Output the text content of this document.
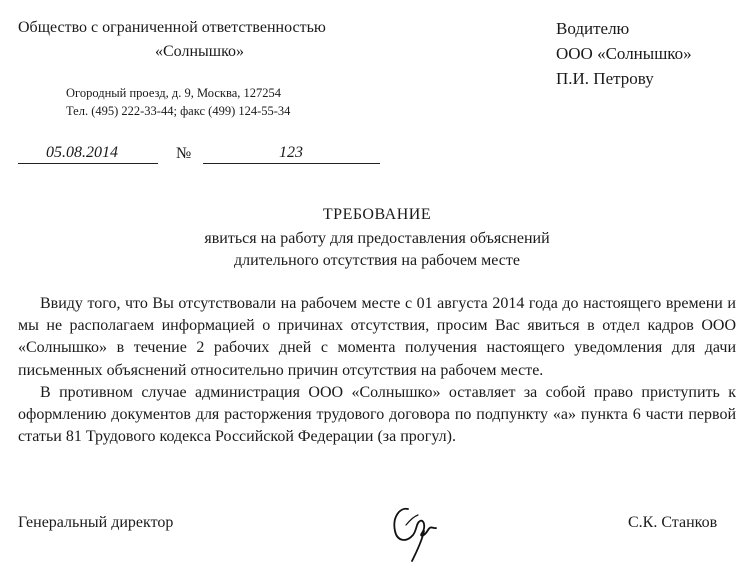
Общество с ограниченной ответственностью
«Солнышко»
Огородный проезд, д. 9, Москва, 127254
Тел. (495) 222-33-44; факс (499) 124-55-34
Водителю
ООО «Солнышко»
П.И. Петрову
05.08.2014	№	123
ТРЕБОВАНИЕ
явиться на работу для предоставления объяснений
длительного отсутствия на рабочем месте

Ввиду того, что Вы отсутствовали на рабочем месте с 01 августа 2014 года до настоящего времени и мы не располагаем информацией о причинах отсутствия, просим Вас явиться в отдел кадров ООО «Солнышко» в течение 2 рабочих дней с момента получения настоящего уведомления для дачи письменных объяснений относительно причин отсутствия на рабочем месте.

В противном случае администрация ООО «Солнышко» оставляет за собой право приступить к оформлению документов для расторжения трудового договора по подпункту «а» пункта 6 части первой статьи 81 Трудового кодекса Российской Федерации (за прогул).

Генеральный директор	С.К. Станков
